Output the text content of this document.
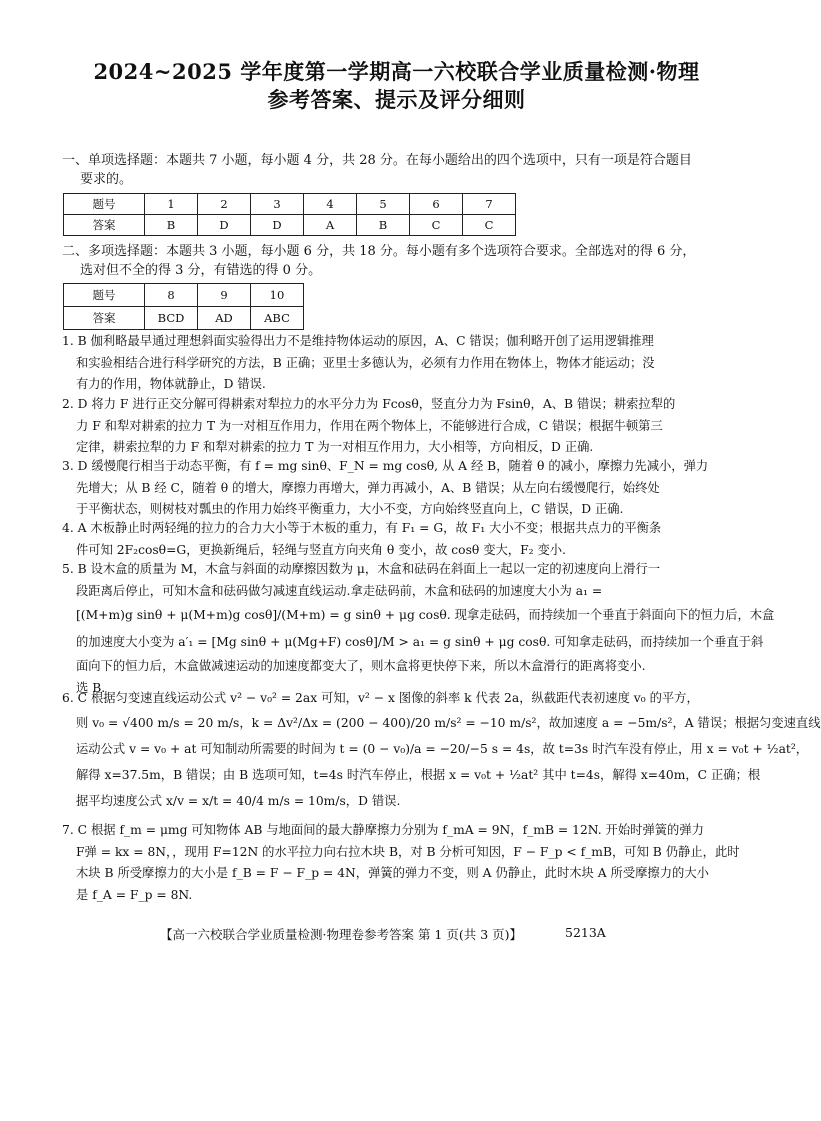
2024~2025 学年度第一学期高一六校联合学业质量检测·物理
参考答案、提示及评分细则
一、单项选择题：本题共 7 小题，每小题 4 分，共 28 分。在每小题给出的四个选项中，只有一项是符合题目
要求的。
题号	1	2	3	4	5	6	7
答案	B	D	D	A	B	C	C
二、多项选择题：本题共 3 小题，每小题 6 分，共 18 分。每小题有多个选项符合要求。全部选对的得 6 分，
选对但不全的得 3 分，有错选的得 0 分。
题号	8	9	10
答案	BCD	AD	ABC
1. B 伽利略最早通过理想斜面实验得出力不是维持物体运动的原因，A、C 错误；伽利略开创了运用逻辑推理
和实验相结合进行科学研究的方法，B 正确；亚里士多德认为，必须有力作用在物体上，物体才能运动；没
有力的作用，物体就静止，D 错误.
2. D 将力 F 进行正交分解可得耕索对犁拉力的水平分力为 Fcosθ，竖直分力为 Fsinθ，A、B 错误；耕索拉犁的
力 F 和犁对耕索的拉力 T 为一对相互作用力，作用在两个物体上，不能够进行合成，C 错误；根据牛顿第三
定律，耕索拉犁的力 F 和犁对耕索的拉力 T 为一对相互作用力，大小相等，方向相反，D 正确.
3. D 缓慢爬行相当于动态平衡，有 f = mg sinθ、F_N = mg cosθ, 从 A 经 B，随着 θ 的减小，摩擦力先减小，弹力
先增大；从 B 经 C，随着 θ 的增大，摩擦力再增大，弹力再减小，A、B 错误；从左向右缓慢爬行，始终处
于平衡状态，则树枝对瓢虫的作用力始终平衡重力，大小不变，方向始终竖直向上，C 错误，D 正确.
4. A 木板静止时两轻绳的拉力的合力大小等于木板的重力，有 F₁ = G，故 F₁ 大小不变；根据共点力的平衡条
件可知 2F₂cosθ=G，更换新绳后，轻绳与竖直方向夹角 θ 变小，故 cosθ 变大，F₂ 变小.
5. B 设木盒的质量为 M，木盒与斜面的动摩擦因数为 μ，木盒和砝码在斜面上一起以一定的初速度向上滑行一
段距离后停止，可知木盒和砝码做匀减速直线运动.拿走砝码前，木盒和砝码的加速度大小为 a₁ =
[(M+m)g sinθ + μ(M+m)g cosθ]/(M+m) = g sinθ + μg cosθ. 现拿走砝码，而持续加一个垂直于斜面向下的恒力后，木盒
的加速度大小变为 a′₁ = [Mg sinθ + μ(Mg+F) cosθ]/M > a₁ = g sinθ + μg cosθ. 可知拿走砝码，而持续加一个垂直于斜
面向下的恒力后，木盒做减速运动的加速度都变大了，则木盒将更快停下来，所以木盒滑行的距离将变小.
选 B.
6. C 根据匀变速直线运动公式 v² − v₀² = 2ax 可知，v² − x 图像的斜率 k 代表 2a，纵截距代表初速度 v₀ 的平方，
则 v₀ = √400 m/s = 20 m/s，k = Δv²/Δx = (200 − 400)/20 m/s² = −10 m/s²，故加速度 a = −5m/s²，A 错误；根据匀变速直线
运动公式 v = v₀ + at 可知制动所需要的时间为 t = (0 − v₀)/a = −20/−5 s = 4s，故 t=3s 时汽车没有停止，用 x = v₀t + ½at²，
解得 x=37.5m，B 错误；由 B 选项可知，t=4s 时汽车停止，根据 x = v₀t + ½at² 其中 t=4s，解得 x=40m，C 正确；根
据平均速度公式 x/v = x/t = 40/4 m/s = 10m/s，D 错误.
7. C 根据 f_m = μmg 可知物体 AB 与地面间的最大静摩擦力分别为 f_mA = 9N，f_mB = 12N. 开始时弹簧的弹力
F弹 = kx = 8N，，现用 F=12N 的水平拉力向右拉木块 B，对 B 分析可知因，F − F_p < f_mB，可知 B 仍静止，此时
木块 B 所受摩擦力的大小是 f_B = F − F_p = 4N，弹簧的弹力不变，则 A 仍静止，此时木块 A 所受摩擦力的大小
是 f_A = F_p = 8N.
【高一六校联合学业质量检测·物理卷参考答案 第 1 页(共 3 页)】	5213A
